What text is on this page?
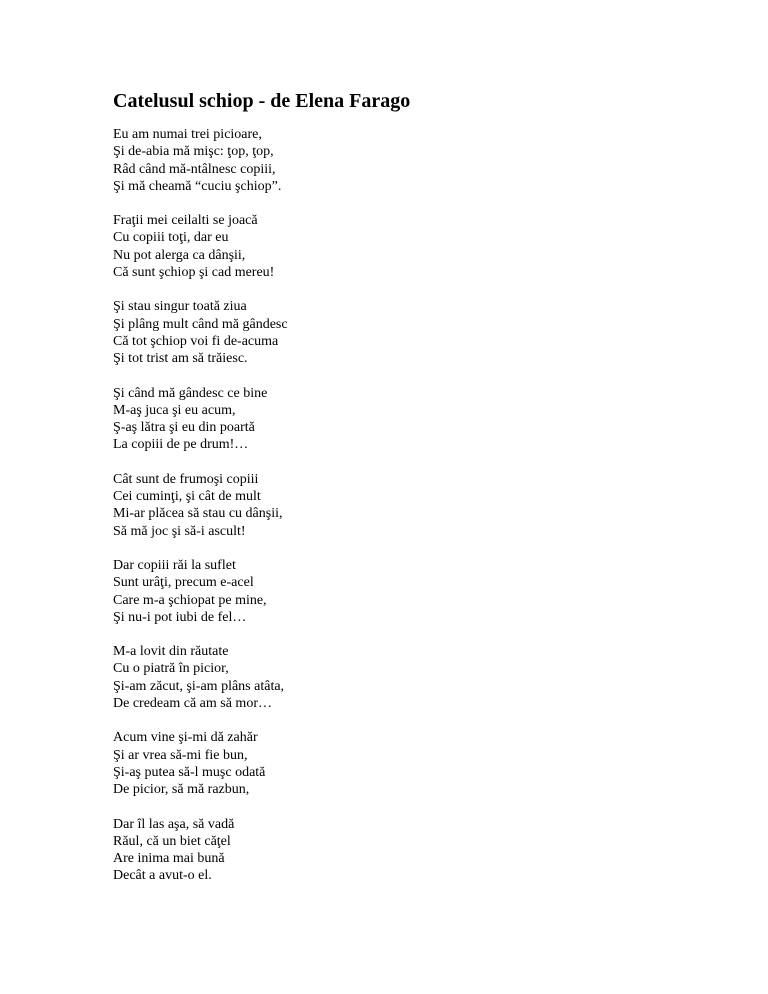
Catelusul schiop - de Elena Farago
Eu am numai trei picioare,
Şi de-abia mă mişc: ţop, ţop,
Râd când mă-ntâlnesc copiii,
Şi mă cheamă “cuciu şchiop”.
Fraţii mei ceilalti se joacă
Cu copiii toţi, dar eu
Nu pot alerga ca dânşii,
Că sunt şchiop şi cad mereu!
Şi stau singur toată ziua
Şi plâng mult când mă gândesc
Că tot şchiop voi fi de-acuma
Şi tot trist am să trăiesc.
Şi când mă gândesc ce bine
M-aş juca şi eu acum,
Ş-aş lătra şi eu din poartă
La copiii de pe drum!…
Cât sunt de frumoşi copiii
Cei cuminţi, şi cât de mult
Mi-ar plăcea să stau cu dânşii,
Să mă joc şi să-i ascult!
Dar copiii răi la suflet
Sunt urâţi, precum e-acel
Care m-a şchiopat pe mine,
Şi nu-i pot iubi de fel…
M-a lovit din răutate
Cu o piatră în picior,
Şi-am zăcut, şi-am plâns atâta,
De credeam că am să mor…
Acum vine şi-mi dă zahăr
Şi ar vrea să-mi fie bun,
Şi-aş putea să-l muşc odată
De picior, să mă razbun,
Dar îl las aşa, să vadă
Răul, că un biet căţel
Are inima mai bună
Decât a avut-o el.
